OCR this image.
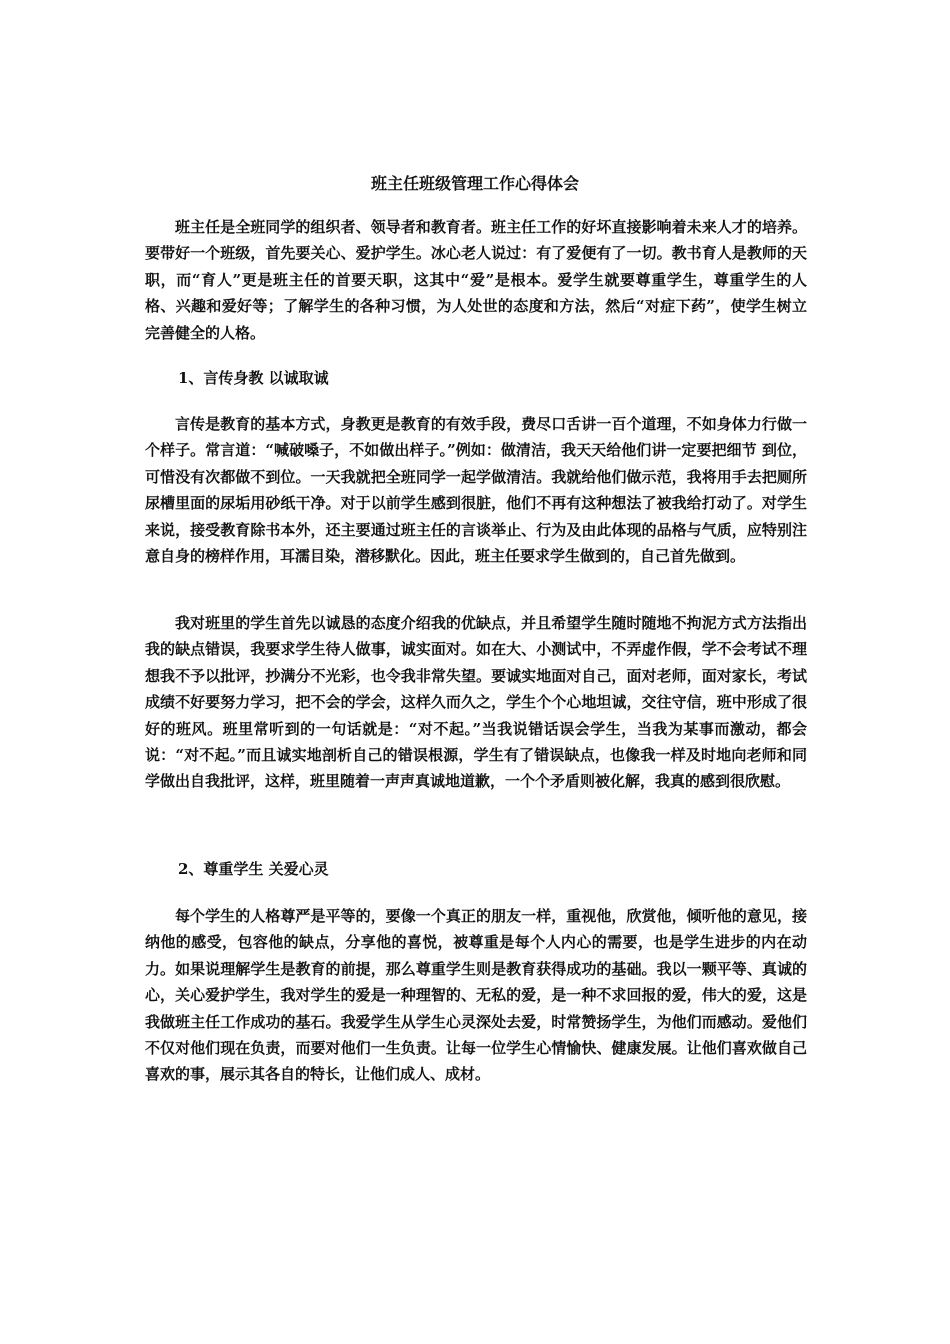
班主任班级管理工作心得体会

班主任是全班同学的组织者、领导者和教育者。班主任工作的好坏直接影响着未来人才的培养。要带好一个班级，首先要关心、爱护学生。冰心老人说过：有了爱便有了一切。教书育人是教师的天职，而“育人”更是班主任的首要天职，这其中“爱”是根本。爱学生就要尊重学生，尊重学生的人格、兴趣和爱好等；了解学生的各种习惯，为人处世的态度和方法，然后“对症下药”，使学生树立完善健全的人格。

1、言传身教 以诚取诚

言传是教育的基本方式，身教更是教育的有效手段，费尽口舌讲一百个道理，不如身体力行做一个样子。常言道：“喊破嗓子，不如做出样子。”例如：做清洁，我天天给他们讲一定要把细节 到位，可惜没有次都做不到位。一天我就把全班同学一起学做清洁。我就给他们做示范，我将用手去把厕所尿槽里面的尿垢用砂纸干净。对于以前学生感到很脏，他们不再有这种想法了被我给打动了。对学生来说，接受教育除书本外，还主要通过班主任的言谈举止、行为及由此体现的品格与气质，应特别注意自身的榜样作用，耳濡目染，潜移默化。因此，班主任要求学生做到的，自己首先做到。

我对班里的学生首先以诚恳的态度介绍我的优缺点，并且希望学生随时随地不拘泥方式方法指出我的缺点错误，我要求学生待人做事，诚实面对。如在大、小测试中，不弄虚作假，学不会考试不理想我不予以批评，抄满分不光彩，也令我非常失望。要诚实地面对自己，面对老师，面对家长，考试成绩不好要努力学习，把不会的学会，这样久而久之，学生个个心地坦诚，交往守信，班中形成了很好的班风。班里常听到的一句话就是：“对不起。”当我说错话误会学生，当我为某事而激动，都会说：“对不起。”而且诚实地剖析自己的错误根源，学生有了错误缺点，也像我一样及时地向老师和同学做出自我批评，这样，班里随着一声声真诚地道歉，一个个矛盾则被化解，我真的感到很欣慰。

2、尊重学生 关爱心灵

每个学生的人格尊严是平等的，要像一个真正的朋友一样，重视他，欣赏他，倾听他的意见，接纳他的感受，包容他的缺点，分享他的喜悦，被尊重是每个人内心的需要，也是学生进步的内在动力。如果说理解学生是教育的前提，那么尊重学生则是教育获得成功的基础。我以一颗平等、真诚的心，关心爱护学生，我对学生的爱是一种理智的、无私的爱，是一种不求回报的爱，伟大的爱，这是我做班主任工作成功的基石。我爱学生从学生心灵深处去爱，时常赞扬学生，为他们而感动。爱他们不仅对他们现在负责，而要对他们一生负责。让每一位学生心情愉快、健康发展。让他们喜欢做自己喜欢的事，展示其各自的特长，让他们成人、成材。
